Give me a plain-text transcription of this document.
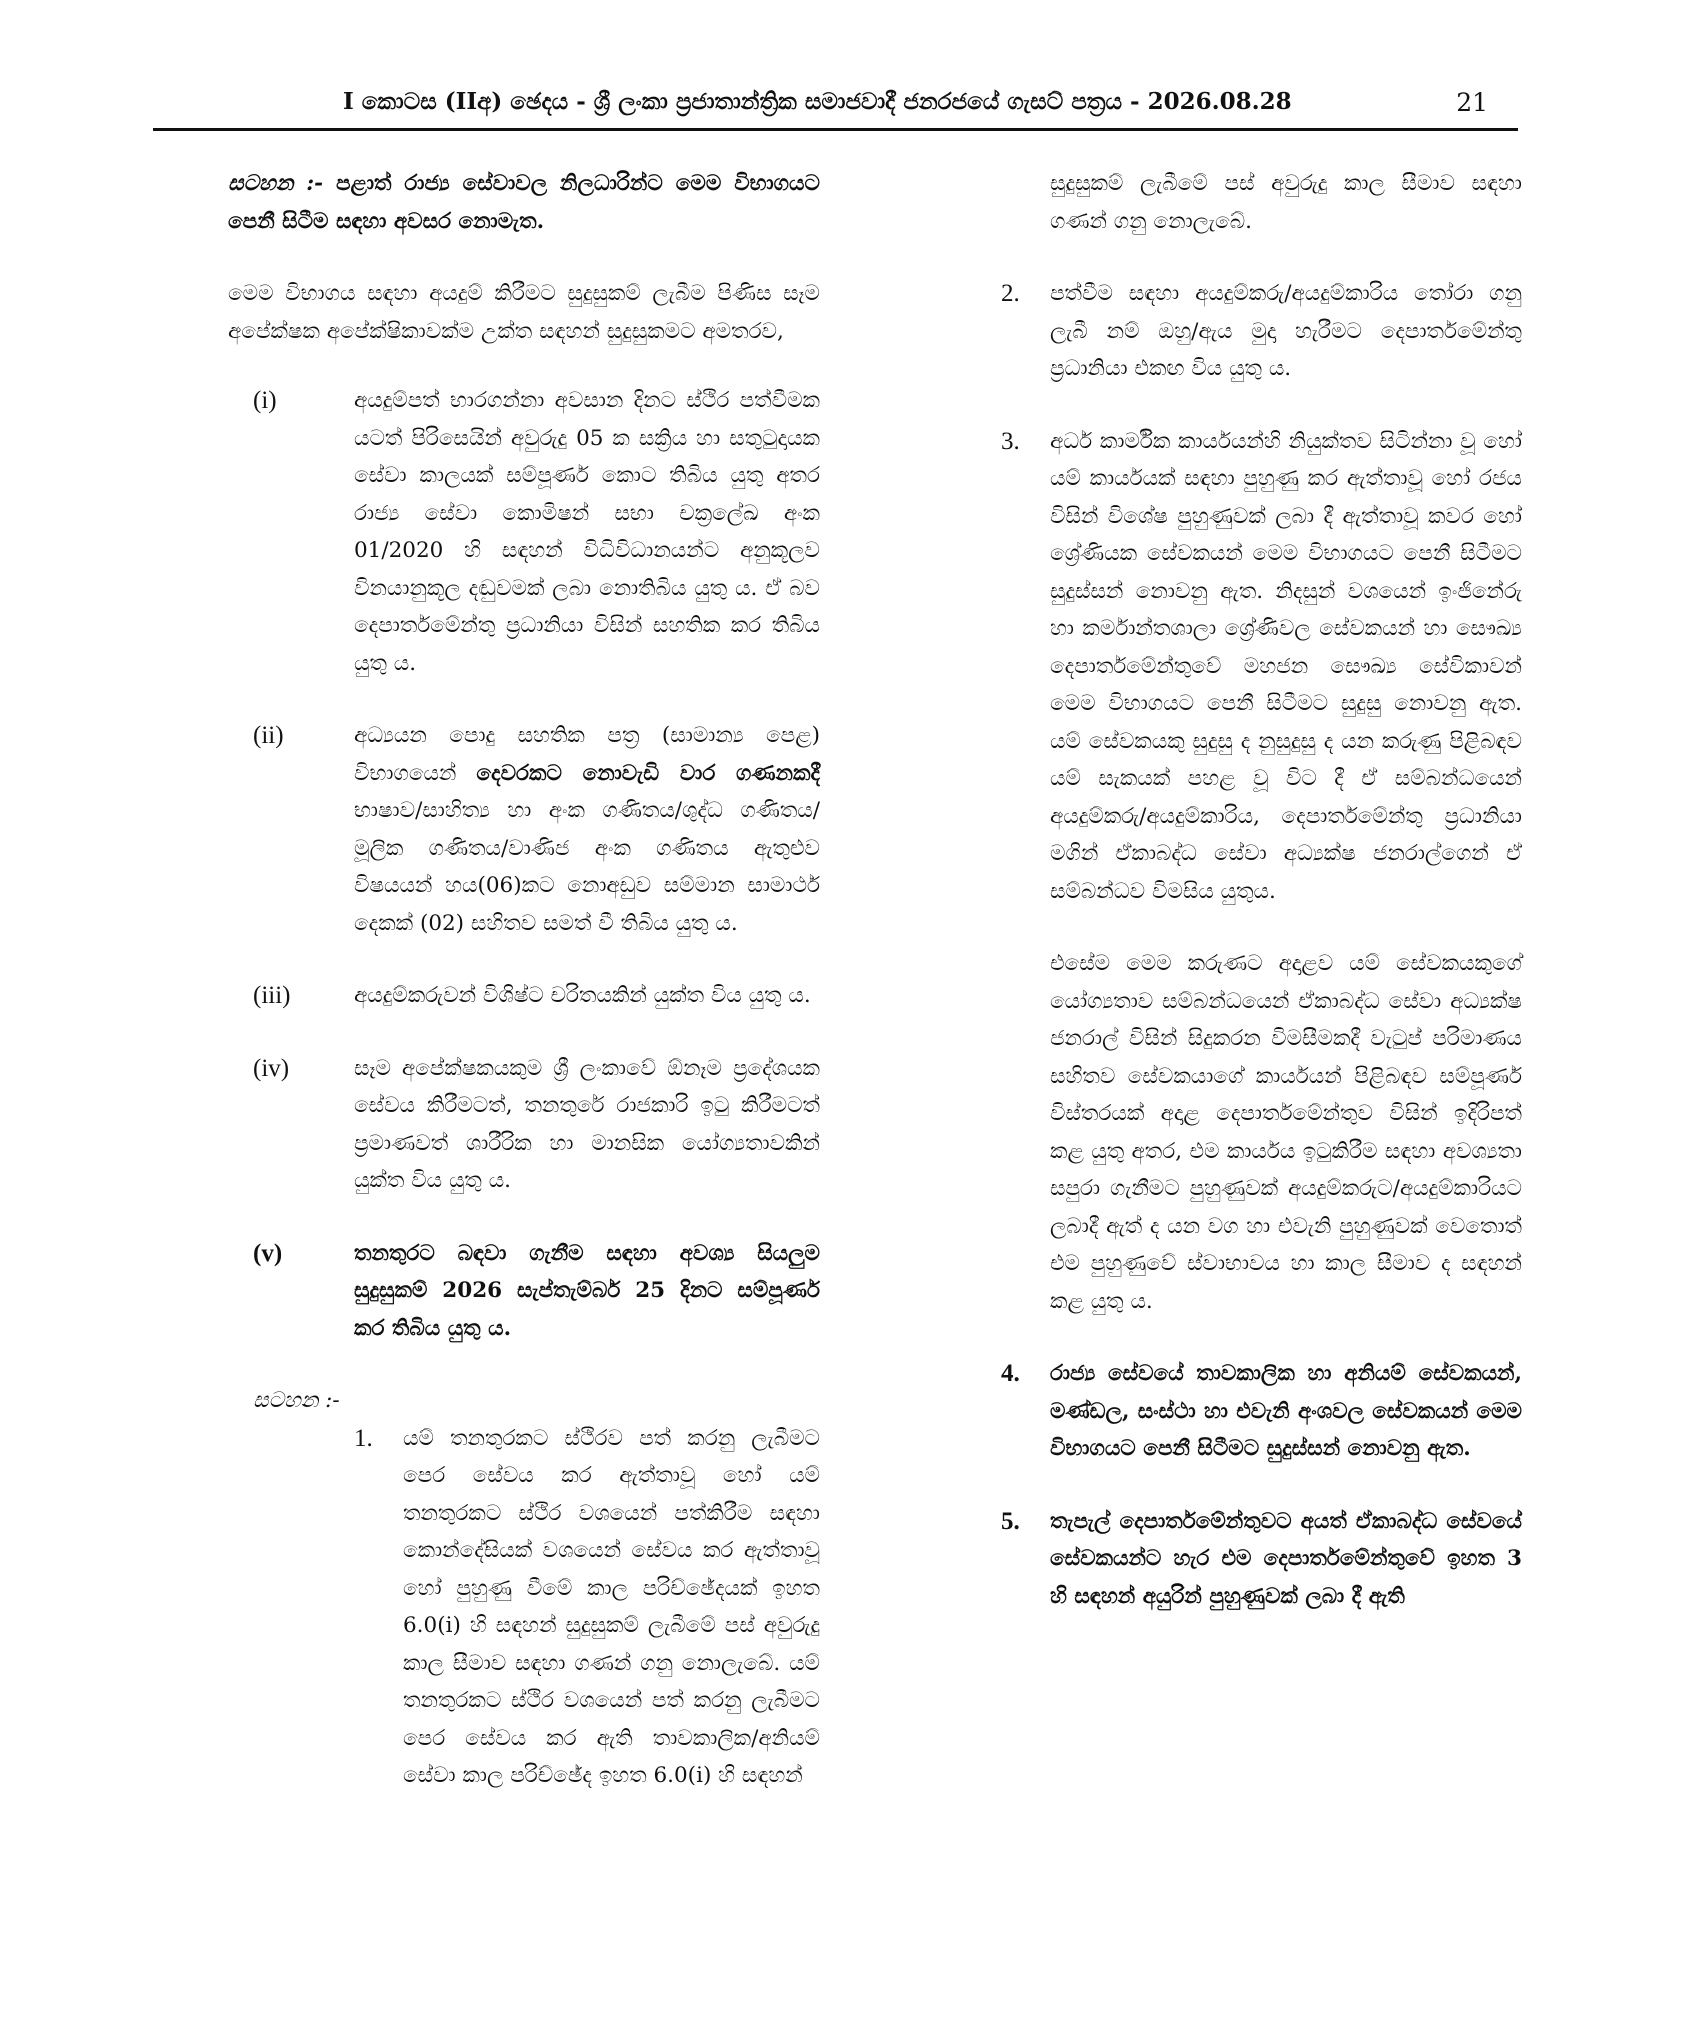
I කොටස (IIඅ) ඡෙදය - ශ්‍රී ලංකා ප්‍රජාතාන්ත්‍රික සමාජවාදී ජනරජයේ ගැසට් පත්‍රය - 2026.08.28	21

සටහන :- පළාත් රාජ්‍ය සේවාවල නිලධාරින්ට මෙම විභාගයට පෙනී සිටීම සඳහා අවසර නොමැත.

මෙම විභාගය සඳහා අයදුම් කිරීමට සුදුසුකම් ලැබීම පිණිස සෑම අපේක්ෂක අපේක්ෂිකාවක්ම උක්ත සඳහන් සුදුසුකමට අමතරව,

(i)	අයදුම්පත් භාරගන්නා අවසාන දිනට ස්ථිර පත්වීමක යටත් පිරිසෙයින් අවුරුදු 05 ක සක්‍රිය හා සතුටුදායක සේවා කාලයක් සම්පූර්ණ කොට තිබිය යුතු අතර රාජ්‍ය සේවා කොමිෂන් සභා චක්‍රලේඛ අංක 01/2020 හි සඳහන් විධිවිධානයන්ට අනුකූලව විනයානුකූල දඬුවමක් ලබා නොතිබිය යුතු ය. ඒ බව දෙපාර්තමේන්තු ප්‍රධානියා විසින් සහතික කර තිබිය යුතු ය.

(ii)	අධ්‍යයන පොදු සහතික පත්‍ර (සාමාන්‍ය පෙළ) විභාගයෙන් දෙවරකට නොවැඩි වාර ගණනකදී භාෂාව/සාහිත්‍ය හා අංක ගණිතය/ශුද්ධ ගණිතය/මූලික ගණිතය/වාණිජ අංක ගණිතය ඇතුළුව විෂයයන් හය(06)කට නොඅඩුව සම්මාන සාමාර්ථ දෙකක් (02) සහිතව සමත් වී තිබිය යුතු ය.

(iii)	අයදුම්කරුවන් විශිෂ්ට චරිතයකින් යුක්ත විය යුතු ය.

(iv)	සෑම අපේක්ෂකයකුම ශ්‍රී ලංකාවේ ඕනෑම ප්‍රදේශයක සේවය කිරීමටත්, තනතුරේ රාජකාරි ඉටු කිරීමටත් ප්‍රමාණවත් ශාරීරික හා මානසික යෝග්‍යතාවකින් යුක්ත විය යුතු ය.

(v)	තනතුරට බඳවා ගැනීම සඳහා අවශ්‍ය සියලුම සුදුසුකම් 2026 සැප්තැම්බර් 25 දිනට සම්පූර්ණ කර තිබිය යුතු ය.

සටහන :-

1. යම් තනතුරකට ස්ථිරව පත් කරනු ලැබීමට පෙර සේවය කර ඇත්තාවූ හෝ යම් තනතුරකට ස්ථිර වශයෙන් පත්කිරීම සඳහා කොන්දේසියක් වශයෙන් සේවය කර ඇත්තාවූ හෝ පුහුණු වීමේ කාල පරිච්ඡේදයක් ඉහත 6.0(i) හි සඳහන් සුදුසුකම් ලැබීමේ පස් අවුරුදු කාල සීමාව සඳහා ගණන් ගනු නොලැබේ. යම් තනතුරකට ස්ථිර වශයෙන් පත් කරනු ලැබීමට පෙර සේවය කර ඇති තාවකාලික/අනියම් සේවා කාල පරිච්ඡේද ඉහත 6.0(i) හි සඳහන්

සුදුසුකම් ලැබීමේ පස් අවුරුදු කාල සීමාව සඳහා ගණන් ගනු නොලැබේ.

2. පත්වීම සඳහා අයදුම්කරු/අයදුම්කාරිය තෝරා ගනු ලැබී නම් ඔහු/ඇය මුදා හැරීමට දෙපාර්තමේන්තු ප්‍රධානියා එකඟ විය යුතු ය.

3. අර්ධ කාර්මික කාර්යයන්හි නියුක්තව සිටින්නා වූ හෝ යම් කාර්යයක් සඳහා පුහුණු කර ඇත්තාවූ හෝ රජය විසින් විශේෂ පුහුණුවක් ලබා දී ඇත්තාවූ කවර හෝ ශ්‍රේණියක සේවකයන් මෙම විභාගයට පෙනී සිටීමට සුදුස්සන් නොවනු ඇත. නිදසුන් වශයෙන් ඉංජිනේරු හා කර්මාන්තශාලා ශ්‍රේණිවල සේවකයන් හා සෞඛ්‍ය දෙපාර්තමේන්තුවේ මහජන සෞඛ්‍ය සේවිකාවන් මෙම විභාගයට පෙනී සිටීමට සුදුසු නොවනු ඇත. යම් සේවකයකු සුදුසු ද නුසුදුසු ද යන කරුණු පිළිබඳව යම් සැකයක් පහළ වූ විට දී ඒ සම්බන්ධයෙන් අයදුම්කරු/අයදුම්කාරිය, දෙපාර්තමේන්තු ප්‍රධානියා මගින් ඒකාබද්ධ සේවා අධ්‍යක්ෂ ජනරාල්ගෙන් ඒ සම්බන්ධව විමසිය යුතුය.

එසේම මෙම කරුණට අදාළව යම් සේවකයකුගේ යෝග්‍යතාව සම්බන්ධයෙන් ඒකාබද්ධ සේවා අධ්‍යක්ෂ ජනරාල් විසින් සිදුකරන විමසීමකදී වැටුප් පරිමාණය සහිතව සේවකයාගේ කාර්යයන් පිළිබඳව සම්පූර්ණ විස්තරයක් අදාළ දෙපාර්තමේන්තුව විසින් ඉදිරිපත් කළ යුතු අතර, එම කාර්යය ඉටුකිරීම සඳහා අවශ්‍යතා සපුරා ගැනීමට පුහුණුවක් අයදුම්කරුට/අයදුම්කාරියට ලබාදී ඇත් ද යන වග හා එවැනි පුහුණුවක් වෙතොත් එම පුහුණුවේ ස්වාභාවය හා කාල සීමාව ද සඳහන් කළ යුතු ය.

4. රාජ්‍ය සේවයේ තාවකාලික හා අනියම් සේවකයන්, මණ්ඩල, සංස්ථා හා එවැනි අංශවල සේවකයන් මෙම විභාගයට පෙනී සිටීමට සුදුස්සන් නොවනු ඇත.

5. තැපැල් දෙපාර්තමේන්තුවට අයත් ඒකාබද්ධ සේවයේ සේවකයන්ට හැර එම දෙපාර්තමේන්තුවේ ඉහත 3 හි සඳහන් අයුරින් පුහුණුවක් ලබා දී ඇති
